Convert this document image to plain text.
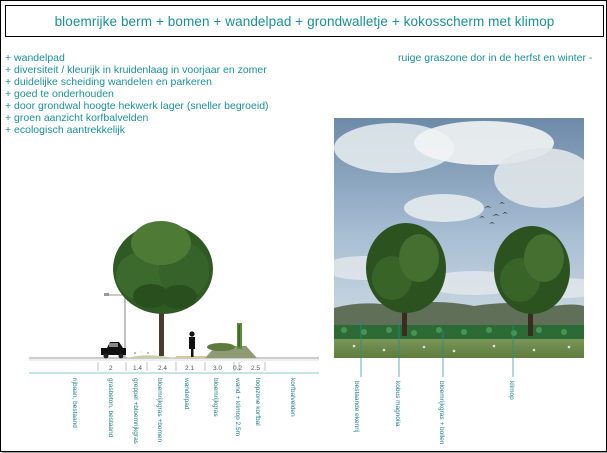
bloemrijke berm + bomen + wandelpad + grondwalletje + kokosscherm met klimop
+ wandelpad
+ diversiteit / kleurijk in kruidenlaag in voorjaar en zomer
+ duidelijke scheiding wandelen en parkeren
+ goed te onderhouden
+ door grondwal hoogte hekwerk lager (sneller begroeid)
+ groen aanzicht korfbalvelden
+ ecologisch aantrekkelijk
ruige graszone dor in de herfst en winter -
2	1.4 2.4	2.1	3.0 0.2 2.5
rijbaan, bestaand	grasbeton, bestaand	greppel +bloemrijkgras	bloemrijkgras +bomen	wandelpad	bloemrijkgras wand + klimop 2.5m loopzone korfbal	korfbalvelden	bestaande ekenrij	kobus magnolia	bloemrijkgras + bollen	klimop
